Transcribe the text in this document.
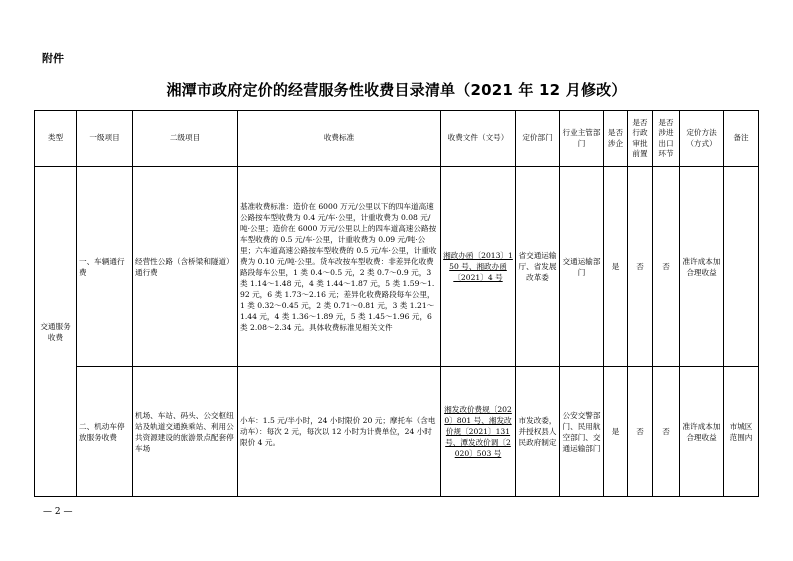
附件
湘潭市政府定价的经营服务性收费目录清单（2021 年 12 月修改）
类型	一级项目	二级项目	收费标准	收费文件（文号）	定价部门	行业主管部门	是否涉企	是否行政审批前置	是否涉进出口环节	定价方法（方式）	备注
交通服务收费	一、车辆通行费	经营性公路（含桥梁和隧道）通行费	基准收费标准：造价在 6000 万元/公里以下的四车道高速公路按车型收费为 0.4 元/车·公里，计重收费为 0.08 元/吨·公里；造价在 6000 万元/公里以上的四车道高速公路按车型收费的 0.5 元/车·公里，计重收费为 0.09 元/吨·公里；六车道高速公路按车型收费的 0.5 元/车·公里，计重收费为 0.10 元/吨·公里。货车改按车型收费：非差异化收费路段每车公里，1 类 0.4～0.5 元，2 类 0.7～0.9 元，3 类 1.14～1.48 元，4 类 1.44～1.87 元，5 类 1.59～1.92 元，6 类 1.73～2.16 元；差异化收费路段每车公里，1 类 0.32～0.45 元，2 类 0.71～0.81 元，3 类 1.21～1.44 元，4 类 1.36～1.89 元，5 类 1.45～1.96 元，6 类 2.08～2.34 元。具体收费标准见相关文件	湘政办函〔2013〕150 号、湘政办函〔2021〕4 号	省交通运输厅、省发展改革委	交通运输部门	是	否	否	准许成本加合理收益	
	二、机动车停放服务收费	机场、车站、码头、公交枢纽站及轨道交通换乘站、利用公共资源建设的旅游景点配套停车场	小车：1.5 元/半小时，24 小时限价 20 元；摩托车（含电动车）：每次 2 元，每次以 12 小时为计费单位，24 小时限价 4 元。	湘发改价费规〔2020〕801 号、湘发改价规〔2021〕131 号、潭发改价调〔2020〕503 号	市发改委，并授权县人民政府制定	公安交警部门、民用航空部门、交通运输部门	是	否	否	准许成本加合理收益	市城区范围内
— 2 —
